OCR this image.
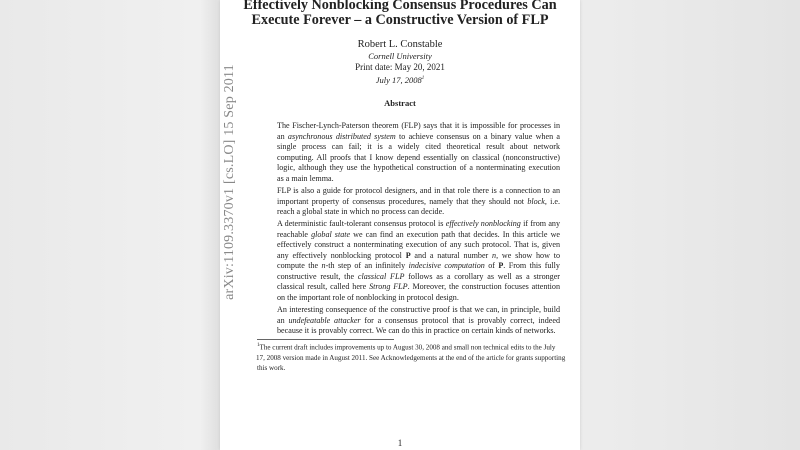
arXiv:1109.3370v1 [cs.LO] 15 Sep 2011
Effectively Nonblocking Consensus Procedures Can
Execute Forever – a Constructive Version of FLP
Robert L. Constable
Cornell University
Print date: May 20, 2021
July 17, 2008$^1$
Abstract
The Fischer-Lynch-Paterson theorem (FLP) says that it is impossible for processes in
an asynchronous distributed system to achieve consensus on a binary value when a
single process can fail; it is a widely cited theoretical result about network
computing. All proofs that I know depend essentially on classical (nonconstructive)
logic, although they use the hypothetical construction of a nonterminating execution
as a main lemma.
FLP is also a guide for protocol designers, and in that role there is a connection to an
important property of consensus procedures, namely that they should not block, i.e.
reach a global state in which no process can decide.
A deterministic fault-tolerant consensus protocol is effectively nonblocking if from any
reachable global state we can find an execution path that decides. In this article we
effectively construct a nonterminating execution of any such protocol. That is, given
any effectively nonblocking protocol P and a natural number n, we show how to
compute the n-th step of an infinitely indecisive computation of P. From this fully
constructive result, the classical FLP follows as a corollary as well as a stronger
classical result, called here Strong FLP. Moreover, the construction focuses attention
on the important role of nonblocking in protocol design.
An interesting consequence of the constructive proof is that we can, in principle, build
an undefeatable attacker for a consensus protocol that is provably correct, indeed
because it is provably correct. We can do this in practice on certain kinds of networks.
$^1$The current draft includes improvements up to August 30, 2008 and small non technical edits to the July
17, 2008 version made in August 2011. See Acknowledgements at the end of the article for grants supporting
this work.
1
